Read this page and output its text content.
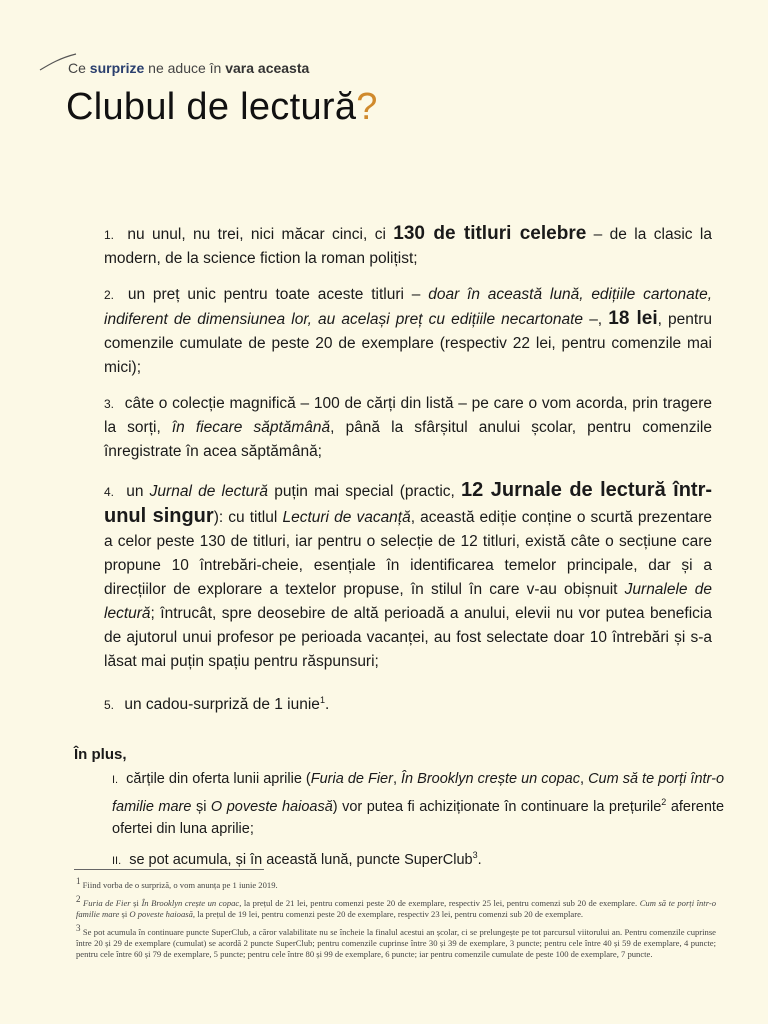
Ce surprize ne aduce în vara aceasta
Clubul de lectură?
1. nu unul, nu trei, nici măcar cinci, ci 130 de titluri celebre – de la clasic la modern, de la science fiction la roman polițist;
2. un preț unic pentru toate aceste titluri – doar în această lună, edițiile cartonate, indiferent de dimensiunea lor, au același preț cu edițiile necartonate –, 18 lei, pentru comenzile cumulate de peste 20 de exemplare (respectiv 22 lei, pentru comenzile mai mici);
3. câte o colecție magnifică – 100 de cărți din listă – pe care o vom acorda, prin tragere la sorți, în fiecare săptămână, până la sfârșitul anului școlar, pentru comenzile înregistrate în acea săptămână;
4. un Jurnal de lectură puțin mai special (practic, 12 Jurnale de lectură într-unul singur): cu titlul Lecturi de vacanță, această ediție conține o scurtă prezentare a celor peste 130 de titluri, iar pentru o selecție de 12 titluri, există câte o secțiune care propune 10 întrebări-cheie, esențiale în identificarea temelor principale, dar și a direcțiilor de explorare a textelor propuse, în stilul în care v-au obișnuit Jurnalele de lectură; întrucât, spre deosebire de altă perioadă a anului, elevii nu vor putea beneficia de ajutorul unui profesor pe perioada vacanței, au fost selectate doar 10 întrebări și s-a lăsat mai puțin spațiu pentru răspunsuri;
5. un cadou-surpriză de 1 iunie$^1$.
În plus,
I. cărțile din oferta lunii aprilie (Furia de Fier, În Brooklyn crește un copac, Cum să te porți într-o familie mare și O poveste haioasă) vor putea fi achiziționate în continuare la prețurile$^2$ aferente ofertei din luna aprilie;
II. se pot acumula, și în această lună, puncte SuperClub$^3$.
$^1$ Fiind vorba de o surpriză, o vom anunța pe 1 iunie 2019.
$^2$ Furia de Fier și În Brooklyn crește un copac, la prețul de 21 lei, pentru comenzi peste 20 de exemplare, respectiv 25 lei, pentru comenzi sub 20 de exemplare. Cum să te porți într-o familie mare și O poveste haioasă, la prețul de 19 lei, pentru comenzi peste 20 de exemplare, respectiv 23 lei, pentru comenzi sub 20 de exemplare.
$^3$ Se pot acumula în continuare puncte SuperClub, a căror valabilitate nu se încheie la finalul acestui an școlar, ci se prelungește pe tot parcursul viitorului an. Pentru comenzile cuprinse între 20 și 29 de exemplare (cumulat) se acordă 2 puncte SuperClub; pentru comenzile cuprinse între 30 și 39 de exemplare, 3 puncte; pentru cele între 40 și 59 de exemplare, 4 puncte; pentru cele între 60 și 79 de exemplare, 5 puncte; pentru cele între 80 și 99 de exemplare, 6 puncte; iar pentru comenzile cumulate de peste 100 de exemplare, 7 puncte.
